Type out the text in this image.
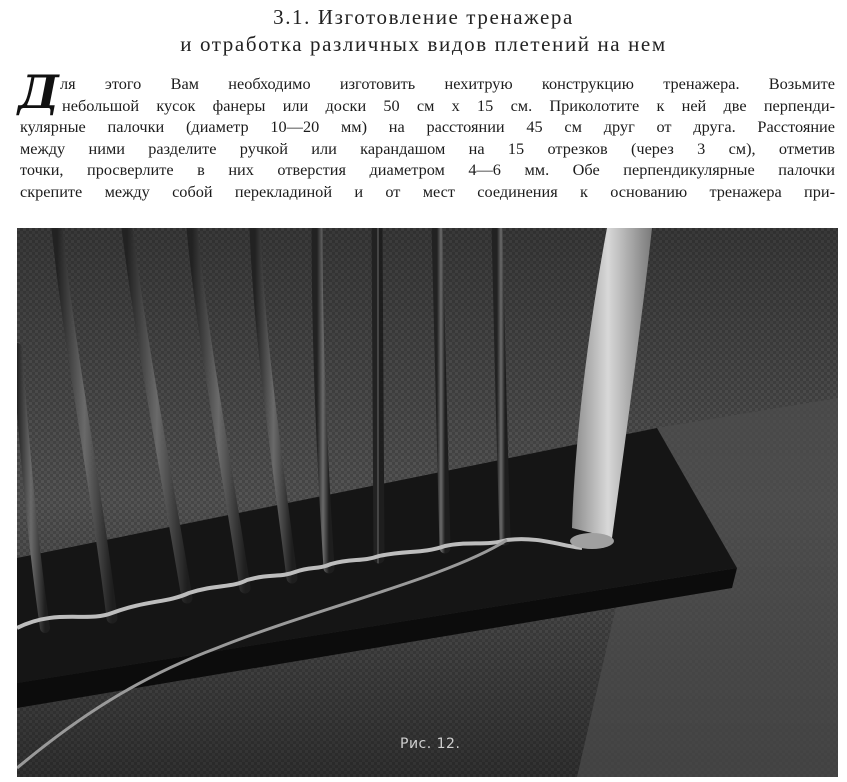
3.1. Изготовление тренажера
и отработка различных видов плетений на нем
Д ля этого Вам необходимо изготовить нехитрую конструкцию тренажера. Возьмите
небольшой кусок фанеры или доски 50 см х 15 см. Приколотите к ней две перпенди-
кулярные палочки (диаметр 10—20 мм) на расстоянии 45 см друг от друга. Расстояние
между ними разделите ручкой или карандашом на 15 отрезков (через 3 см), отметив
точки, просверлите в них отверстия диаметром 4—6 мм. Обе перпендикулярные палочки
скрепите между собой перекладиной и от мест соединения к основанию тренажера при-
Рис. 12.
